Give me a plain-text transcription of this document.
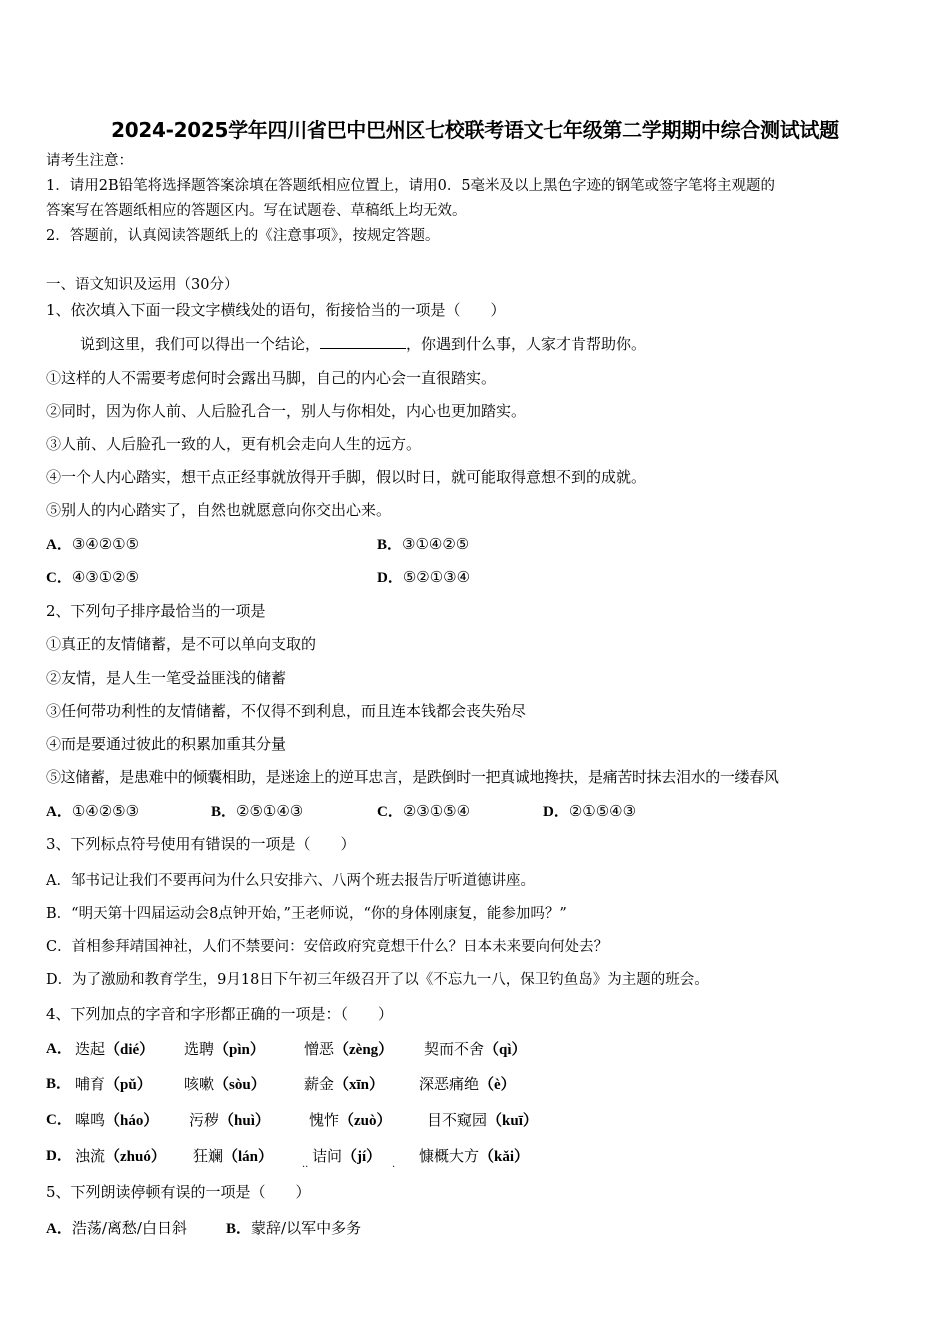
2024-2025学年四川省巴中巴州区七校联考语文七年级第二学期期中综合测试试题
请考生注意：
1．请用2B铅笔将选择题答案涂填在答题纸相应位置上，请用0．5毫米及以上黑色字迹的钢笔或签字笔将主观题的
答案写在答题纸相应的答题区内。写在试题卷、草稿纸上均无效。
2．答题前，认真阅读答题纸上的《注意事项》，按规定答题。
一、语文知识及运用（30分）
1、依次填入下面一段文字横线处的语句，衔接恰当的一项是（　　）
说到这里，我们可以得出一个结论，	，你遇到什么事，人家才肯帮助你。
①这样的人不需要考虑何时会露出马脚，自己的内心会一直很踏实。
②同时，因为你人前、人后脸孔合一，别人与你相处，内心也更加踏实。
③人前、人后脸孔一致的人，更有机会走向人生的远方。
④一个人内心踏实，想干点正经事就放得开手脚，假以时日，就可能取得意想不到的成就。
⑤别人的内心踏实了，自然也就愿意向你交出心来。
A．③④②①⑤	B．③①④②⑤
C．④③①②⑤	D．⑤②①③④
2、下列句子排序最恰当的一项是
①真正的友情储蓄，是不可以单向支取的
②友情，是人生一笔受益匪浅的储蓄
③任何带功利性的友情储蓄，不仅得不到利息，而且连本钱都会丧失殆尽
④而是要通过彼此的积累加重其分量
⑤这储蓄，是患难中的倾囊相助，是迷途上的逆耳忠言，是跌倒时一把真诚地搀扶，是痛苦时抹去泪水的一缕春风
A．①④②⑤③	B．②⑤①④③	C．②③①⑤④	D．②①⑤④③
3、下列标点符号使用有错误的一项是（　　）
A．邹书记让我们不要再问为什么只安排六、八两个班去报告厅听道德讲座。
B．“明天第十四届运动会8点钟开始，”王老师说，“你的身体刚康复，能参加吗？”
C．首相参拜靖国神社，人们不禁要问：安倍政府究竟想干什么？日本未来要向何处去？
D．为了激励和教育学生，9月18日下午初三年级召开了以《不忘九一八，保卫钓鱼岛》为主题的班会。
4、下列加点的字音和字形都正确的一项是：（　　）
A． 迭起（dié） 选聘（pìn）	憎恶（zèng） 契而不舍（qì）
B． 哺育（pǔ） 咳嗽（sòu）	薪金（xīn） 深恶痛绝（è）
C． 嗥鸣（háo） 污秽（huì）	愧怍（zuò） 目不窥园（kuī）
D． 浊流（zhuó） 狂斓（lán）	诘问（jí）	慷概大方（kǎi）
..	.
5、下列朗读停顿有误的一项是（　　）
A．浩荡/离愁/白日斜	B．蒙辞/以军中多务
